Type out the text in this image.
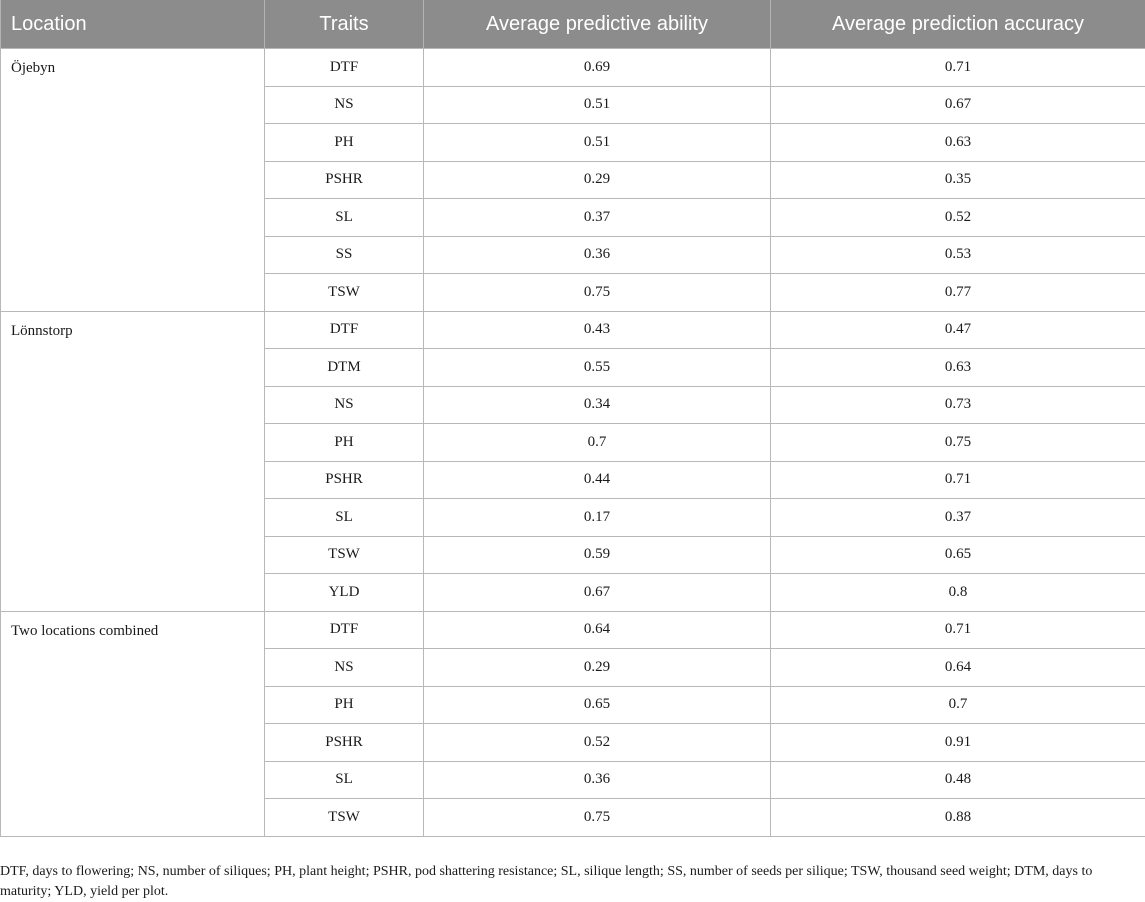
Location	Traits	Average predictive ability	Average prediction accuracy
Öjebyn	DTF	0.69	0.71
	NS	0.51	0.67
	PH	0.51	0.63
	PSHR	0.29	0.35
	SL	0.37	0.52
	SS	0.36	0.53
	TSW	0.75	0.77
Lönnstorp	DTF	0.43	0.47
	DTM	0.55	0.63
	NS	0.34	0.73
	PH	0.7	0.75
	PSHR	0.44	0.71
	SL	0.17	0.37
	TSW	0.59	0.65
	YLD	0.67	0.8
Two locations combined	DTF	0.64	0.71
	NS	0.29	0.64
	PH	0.65	0.7
	PSHR	0.52	0.91
	SL	0.36	0.48
	TSW	0.75	0.88

DTF, days to flowering; NS, number of siliques; PH, plant height; PSHR, pod shattering resistance; SL, silique length; SS, number of seeds per silique; TSW, thousand seed weight; DTM, days to
maturity; YLD, yield per plot.
